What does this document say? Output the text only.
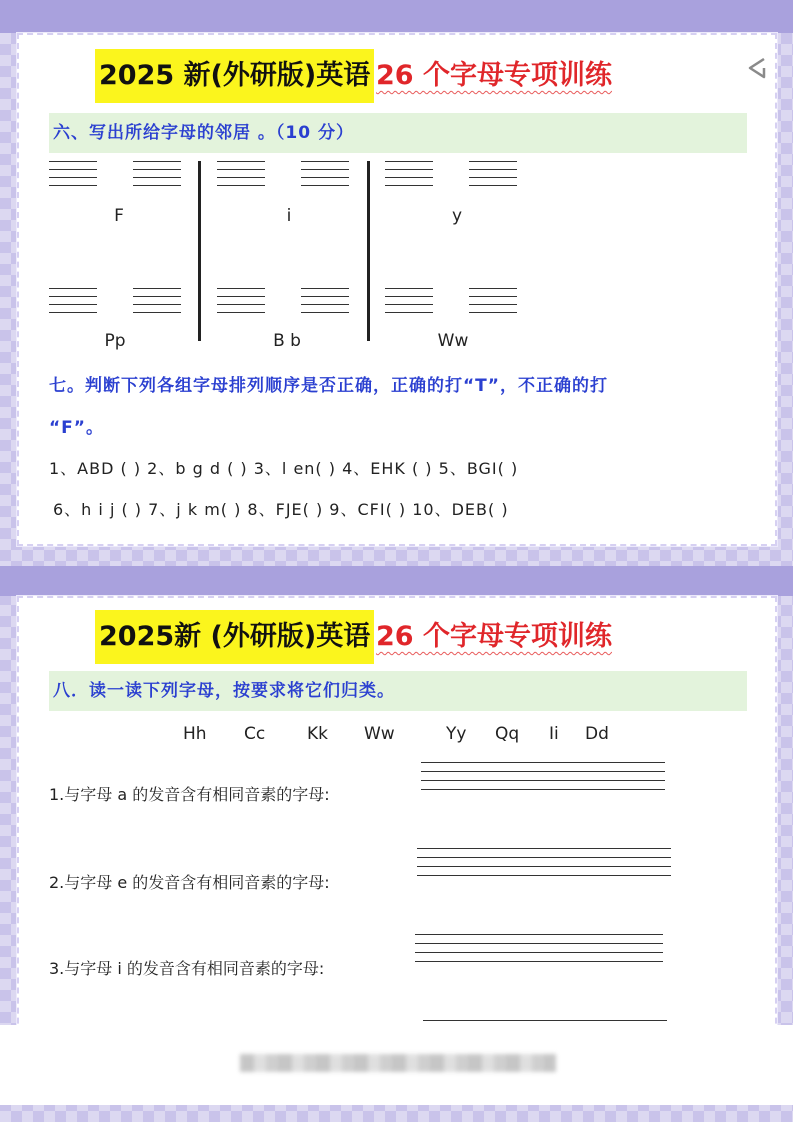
2025 新(外研版)英语 26 个字母专项训练
六、写出所给字母的邻居 。（10 分）
F	i	y
Pp	B b	Ww
七。判断下列各组字母排列顺序是否正确，正确的打“T”，不正确的打
“F”。
1、ABD ( ) 2、b g d ( ) 3、l en( ) 4、EHK ( ) 5、BGI( )
6、h i j ( ) 7、j k m( ) 8、FJE( ) 9、CFI( ) 10、DEB( )
2025新 (外研版)英语 26 个字母专项训练
八．读一读下列字母，按要求将它们归类。
Hh Cc Kk Ww	Yy Qq Ii Dd
1.与字母 a 的发音含有相同音素的字母:
2.与字母 e 的发音含有相同音素的字母:
3.与字母 i 的发音含有相同音素的字母:
